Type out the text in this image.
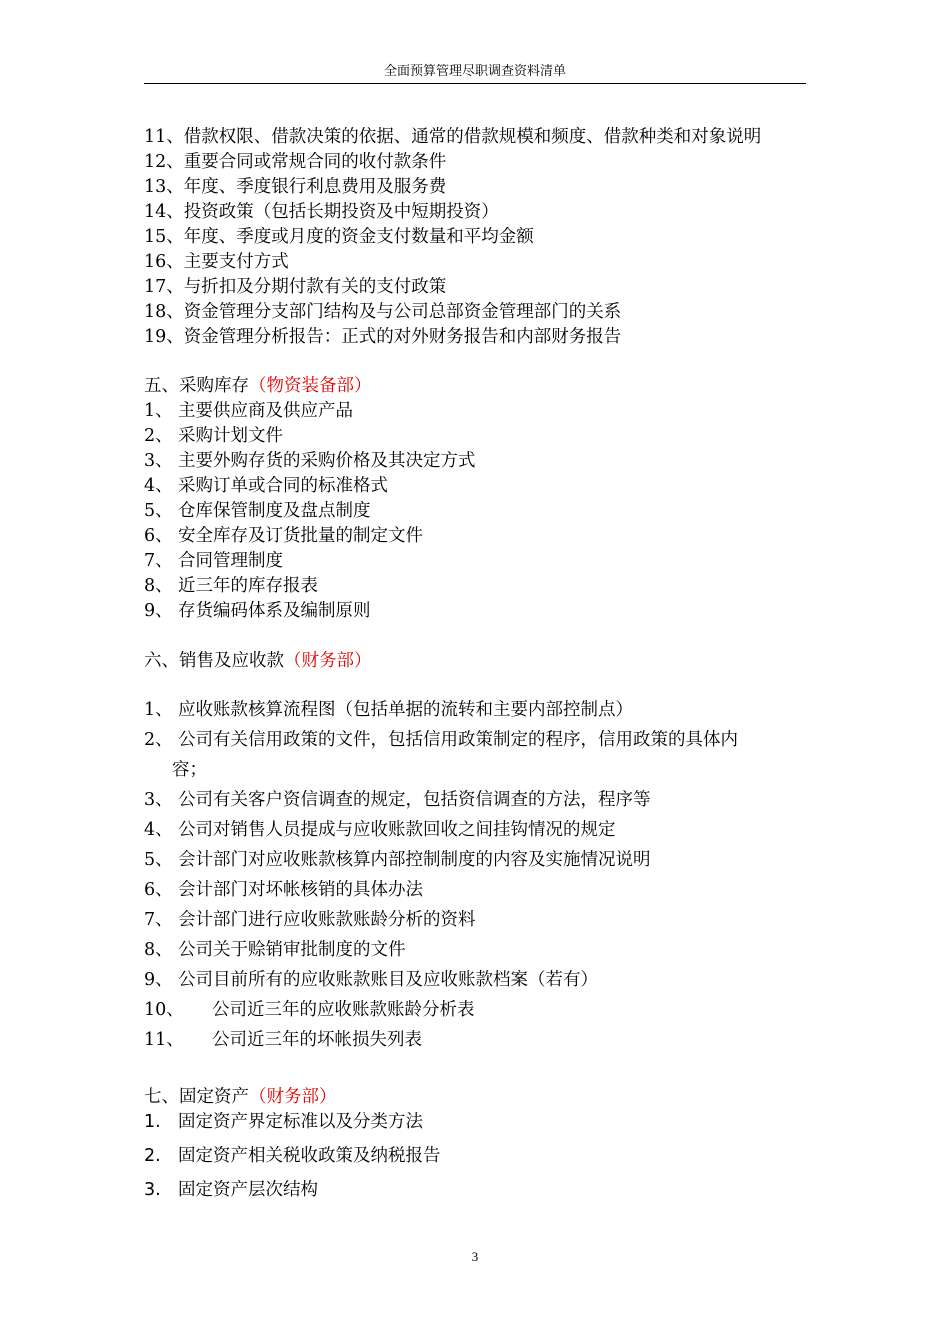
全面预算管理尽职调查资料清单
11、借款权限、借款决策的依据、通常的借款规模和频度、借款种类和对象说明
12、重要合同或常规合同的收付款条件
13、年度、季度银行利息费用及服务费
14、投资政策（包括长期投资及中短期投资）
15、年度、季度或月度的资金支付数量和平均金额
16、主要支付方式
17、与折扣及分期付款有关的支付政策
18、资金管理分支部门结构及与公司总部资金管理部门的关系
19、资金管理分析报告：正式的对外财务报告和内部财务报告
五、采购库存（物资装备部）
1、 主要供应商及供应产品
2、 采购计划文件
3、 主要外购存货的采购价格及其决定方式
4、 采购订单或合同的标准格式
5、 仓库保管制度及盘点制度
6、 安全库存及订货批量的制定文件
7、 合同管理制度
8、 近三年的库存报表
9、 存货编码体系及编制原则
六、销售及应收款（财务部）
1、 应收账款核算流程图（包括单据的流转和主要内部控制点）
2、 公司有关信用政策的文件，包括信用政策制定的程序，信用政策的具体内
容；
3、 公司有关客户资信调查的规定，包括资信调查的方法，程序等
4、 公司对销售人员提成与应收账款回收之间挂钩情况的规定
5、 会计部门对应收账款核算内部控制制度的内容及实施情况说明
6、 会计部门对坏帐核销的具体办法
7、 会计部门进行应收账款账龄分析的资料
8、 公司关于赊销审批制度的文件
9、 公司目前所有的应收账款账目及应收账款档案（若有）
10、 公司近三年的应收账款账龄分析表
11、 公司近三年的坏帐损失列表
七、固定资产（财务部）
1. 固定资产界定标准以及分类方法
2. 固定资产相关税收政策及纳税报告
3. 固定资产层次结构
3
